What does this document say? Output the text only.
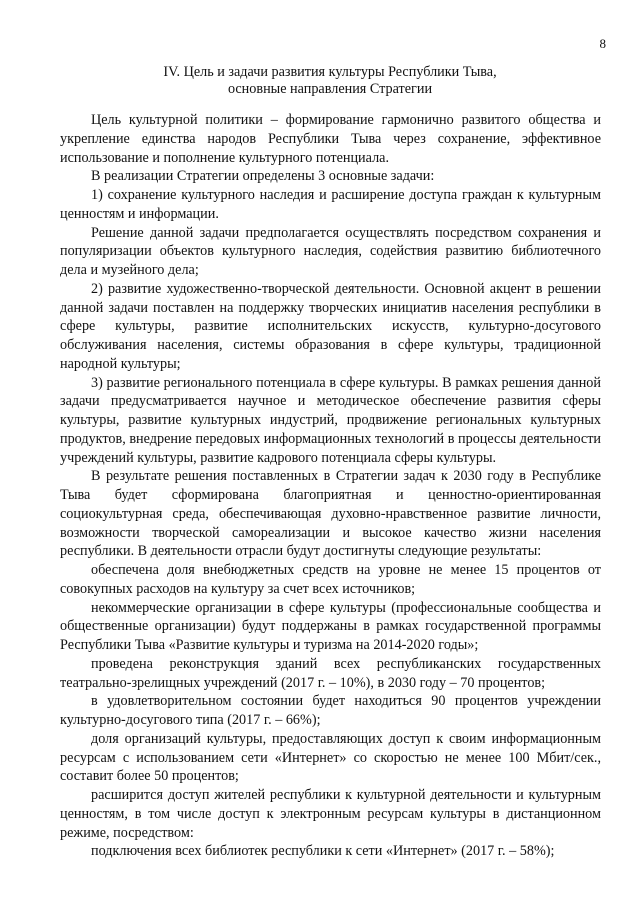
8
IV. Цель и задачи развития культуры Республики Тыва,
основные направления Стратегии

Цель культурной политики – формирование гармонично развитого общества и укрепление единства народов Республики Тыва через сохранение, эффективное использование и пополнение культурного потенциала.

В реализации Стратегии определены 3 основные задачи:

1) сохранение культурного наследия и расширение доступа граждан к культурным ценностям и информации.

Решение данной задачи предполагается осуществлять посредством сохранения и популяризации объектов культурного наследия, содействия развитию библиотечного дела и музейного дела;

2) развитие художественно-творческой деятельности. Основной акцент в решении данной задачи поставлен на поддержку творческих инициатив населения республики в сфере культуры, развитие исполнительских искусств, культурно-досугового обслуживания населения, системы образования в сфере культуры, традиционной народной культуры;

3) развитие регионального потенциала в сфере культуры. В рамках решения данной задачи предусматривается научное и методическое обеспечение развития сферы культуры, развитие культурных индустрий, продвижение региональных культурных продуктов, внедрение передовых информационных технологий в процессы деятельности учреждений культуры, развитие кадрового потенциала сферы культуры.

В результате решения поставленных в Стратегии задач к 2030 году в Республике Тыва будет сформирована благоприятная и ценностно-ориентированная социокультурная среда, обеспечивающая духовно-нравственное развитие личности, возможности творческой самореализации и высокое качество жизни населения республики. В деятельности отрасли будут достигнуты следующие результаты:

обеспечена доля внебюджетных средств на уровне не менее 15 процентов от совокупных расходов на культуру за счет всех источников;

некоммерческие организации в сфере культуры (профессиональные сообщества и общественные организации) будут поддержаны в рамках государственной программы Республики Тыва «Развитие культуры и туризма на 2014-2020 годы»;

проведена реконструкция зданий всех республиканских государственных театрально-зрелищных учреждений (2017 г. – 10%), в 2030 году – 70 процентов;

в удовлетворительном состоянии будет находиться 90 процентов учреждении культурно-досугового типа (2017 г. – 66%);

доля организаций культуры, предоставляющих доступ к своим информационным ресурсам с использованием сети «Интернет» со скоростью не менее 100 Мбит/сек., составит более 50 процентов;

расширится доступ жителей республики к культурной деятельности и культурным ценностям, в том числе доступ к электронным ресурсам культуры в дистанционном режиме, посредством:

подключения всех библиотек республики к сети «Интернет» (2017 г. – 58%);
